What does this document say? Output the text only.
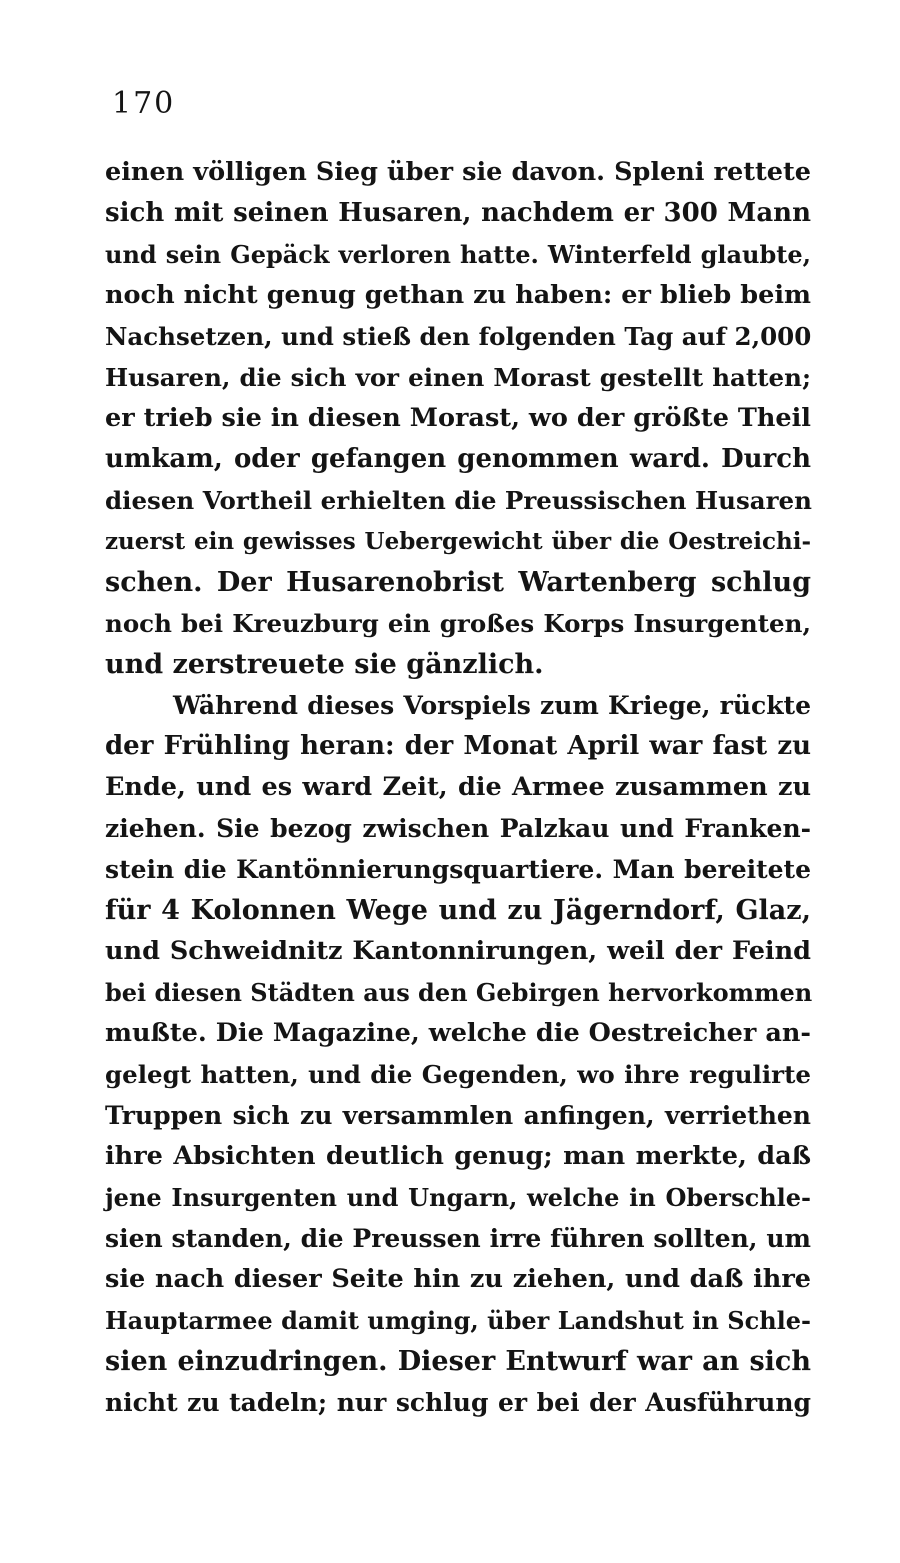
170
einen völligen Sieg über sie davon. Spleni rettete
sich mit seinen Husaren, nachdem er 300 Mann
und sein Gepäck verloren hatte. Winterfeld glaubte,
noch nicht genug gethan zu haben: er blieb beim
Nachsetzen, und stieß den folgenden Tag auf 2,000
Husaren, die sich vor einen Morast gestellt hatten;
er trieb sie in diesen Morast, wo der größte Theil
umkam, oder gefangen genommen ward. Durch
diesen Vortheil erhielten die Preussischen Husaren
zuerst ein gewisses Uebergewicht über die Oestreichi-
schen. Der Husarenobrist Wartenberg schlug
noch bei Kreuzburg ein großes Korps Insurgenten,
und zerstreuete sie gänzlich.
Während dieses Vorspiels zum Kriege, rückte
der Frühling heran: der Monat April war fast zu
Ende, und es ward Zeit, die Armee zusammen zu
ziehen. Sie bezog zwischen Palzkau und Franken-
stein die Kantönnierungsquartiere. Man bereitete
für 4 Kolonnen Wege und zu Jägerndorf, Glaz,
und Schweidnitz Kantonnirungen, weil der Feind
bei diesen Städten aus den Gebirgen hervorkommen
mußte. Die Magazine, welche die Oestreicher an-
gelegt hatten, und die Gegenden, wo ihre regulirte
Truppen sich zu versammlen anfingen, verriethen
ihre Absichten deutlich genug; man merkte, daß
jene Insurgenten und Ungarn, welche in Oberschle-
sien standen, die Preussen irre führen sollten, um
sie nach dieser Seite hin zu ziehen, und daß ihre
Hauptarmee damit umging, über Landshut in Schle-
sien einzudringen. Dieser Entwurf war an sich
nicht zu tadeln; nur schlug er bei der Ausführung
